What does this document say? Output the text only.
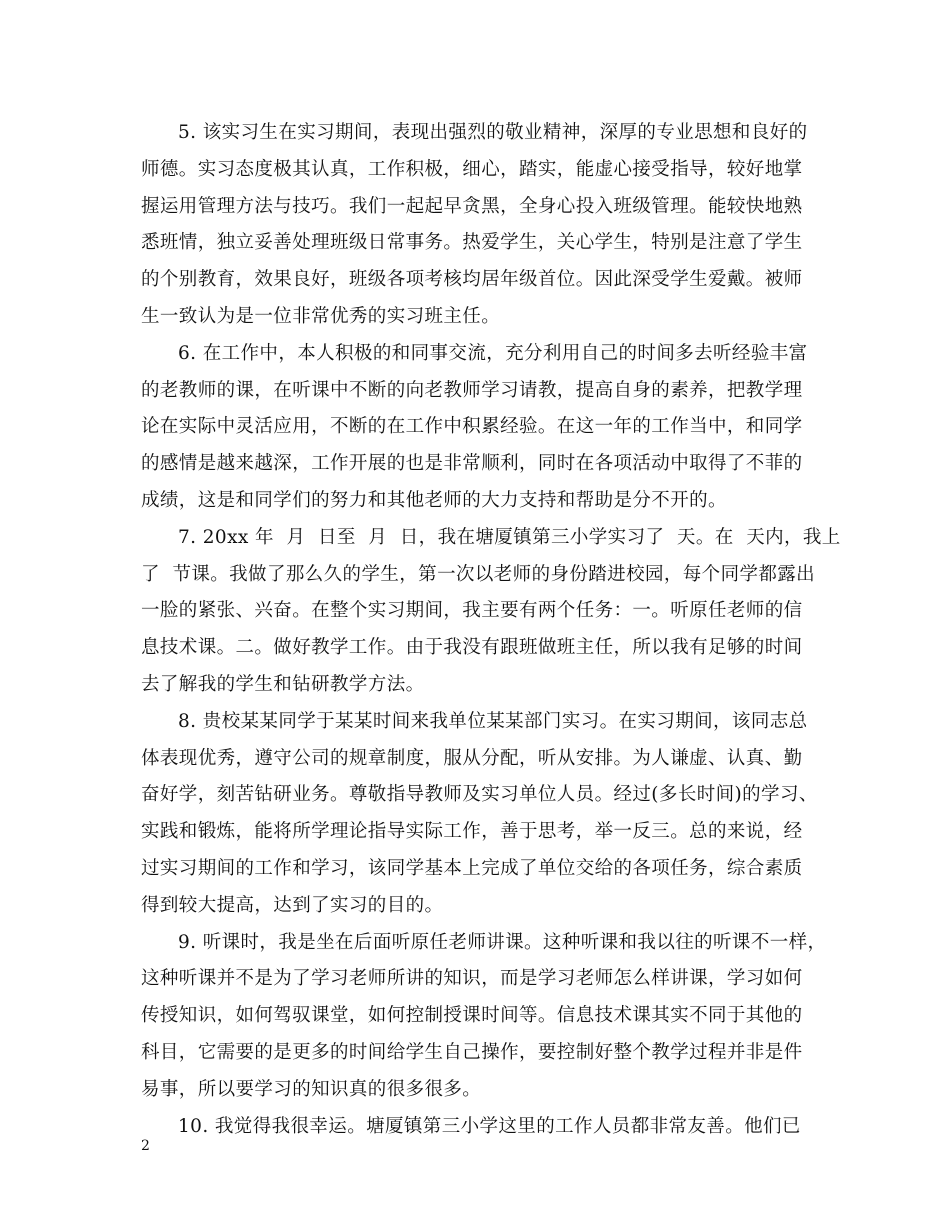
5. 该实习生在实习期间，表现出强烈的敬业精神，深厚的专业思想和良好的
师德。实习态度极其认真，工作积极，细心，踏实，能虚心接受指导，较好地掌
握运用管理方法与技巧。我们一起起早贪黑，全身心投入班级管理。能较快地熟
悉班情，独立妥善处理班级日常事务。热爱学生，关心学生，特别是注意了学生
的个别教育，效果良好，班级各项考核均居年级首位。因此深受学生爱戴。被师
生一致认为是一位非常优秀的实习班主任。

6. 在工作中，本人积极的和同事交流，充分利用自己的时间多去听经验丰富
的老教师的课，在听课中不断的向老教师学习请教，提高自身的素养，把教学理
论在实际中灵活应用，不断的在工作中积累经验。在这一年的工作当中，和同学
的感情是越来越深，工作开展的也是非常顺利，同时在各项活动中取得了不菲的
成绩，这是和同学们的努力和其他老师的大力支持和帮助是分不开的。

7. 20xx 年  月  日至  月  日，我在塘厦镇第三小学实习了  天。在  天内，我上
了  节课。我做了那么久的学生，第一次以老师的身份踏进校园，每个同学都露出
一脸的紧张、兴奋。在整个实习期间，我主要有两个任务：一。听原任老师的信
息技术课。二。做好教学工作。由于我没有跟班做班主任，所以我有足够的时间
去了解我的学生和钻研教学方法。

8. 贵校某某同学于某某时间来我单位某某部门实习。在实习期间，该同志总
体表现优秀，遵守公司的规章制度，服从分配，听从安排。为人谦虚、认真、勤
奋好学，刻苦钻研业务。尊敬指导教师及实习单位人员。经过(多长时间)的学习、
实践和锻炼，能将所学理论指导实际工作，善于思考，举一反三。总的来说，经
过实习期间的工作和学习，该同学基本上完成了单位交给的各项任务，综合素质
得到较大提高，达到了实习的目的。

9. 听课时，我是坐在后面听原任老师讲课。这种听课和我以往的听课不一样，
这种听课并不是为了学习老师所讲的知识，而是学习老师怎么样讲课，学习如何
传授知识，如何驾驭课堂，如何控制授课时间等。信息技术课其实不同于其他的
科目，它需要的是更多的时间给学生自己操作，要控制好整个教学过程并非是件
易事，所以要学习的知识真的很多很多。

10. 我觉得我很幸运。塘厦镇第三小学这里的工作人员都非常友善。他们已

2
